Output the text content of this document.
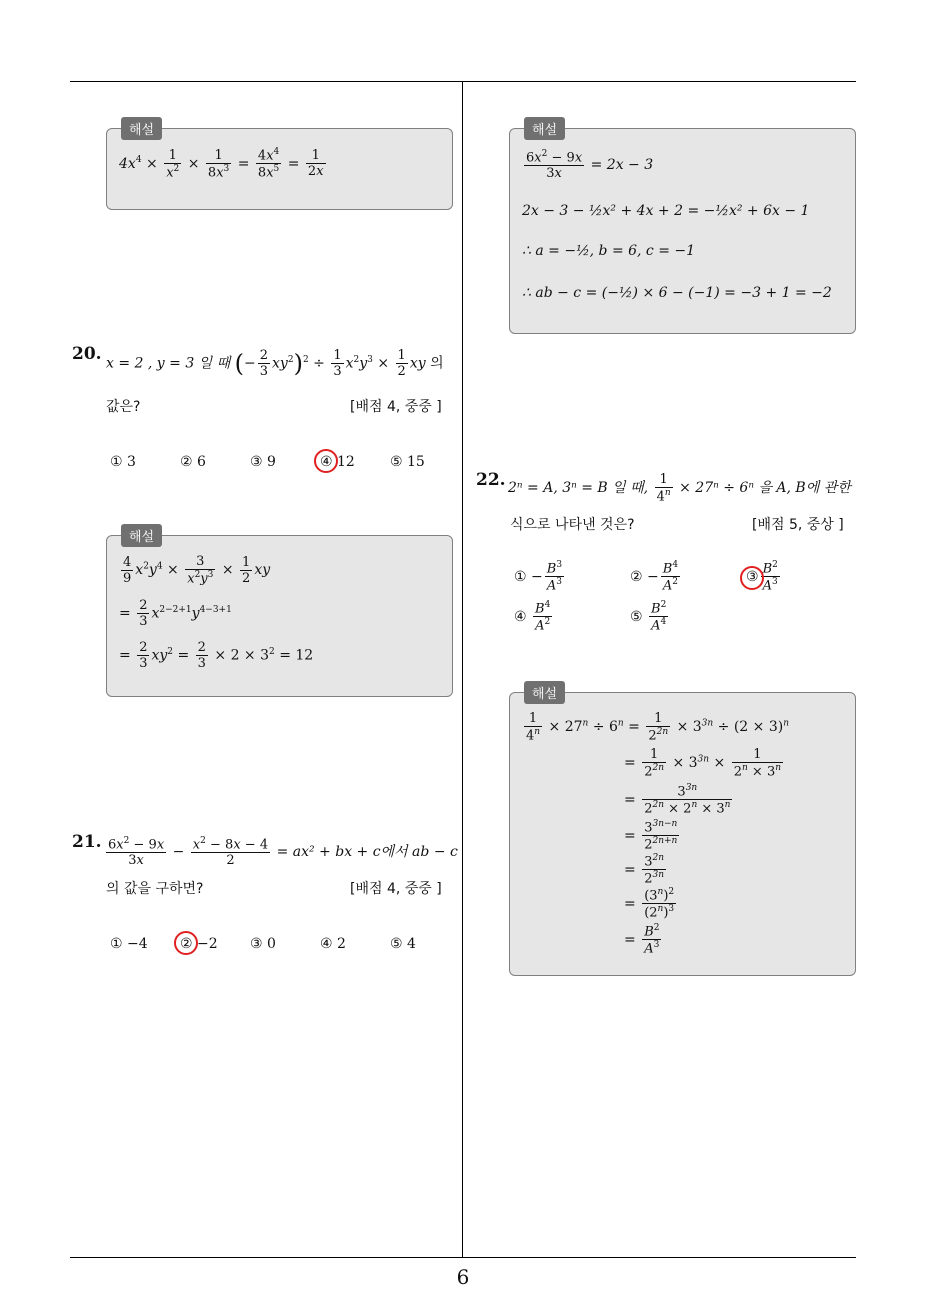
6
해설
$4x^4 \times \frac{1}{x^2} \times \frac{1}{8x^3} = \frac{4x^4}{8x^5} = \frac{1}{2x}$
20. x = 2 , y = 3 일 때 (− $\frac{2}{3} xy^2)^2 \div \frac{1}{3} x^2y^3 \times \frac{1}{2}$ xy 의
값은?	[배점 4, 중중 ]
① 3	② 6	③ 9	④ 12	⑤ 15
해설
$\frac{4}{9} x^2y^4 \times \frac{3}{x^2y^3} \times \frac{1}{2}$ xy
= $\frac{2}{3} x^{2-2+1}y^{4-3+1}$
= $\frac{2}{3} xy^2 = \frac{2}{3} \times 2 \times 3^2 = 12$
21. $\frac{6x^2 - 9x}{3x} - \frac{x^2 - 8x - 4}{2} = ax^2$ + bx + c에서 ab − c
의 값을 구하면?	[배점 4, 중중 ]
① −4 ② −2 ③ 0	④ 2	⑤ 4
해설
$\frac{6x^2 - 9x}{3x} = 2x - 3$
2x − 3 − ½x² + 4x + 2 = −½x² + 6x − 1
∴ a = −½, b = 6, c = −1
∴ ab − c = (−½) × 6 − (−1) = −3 + 1 = −2
22. 2ⁿ = A, 3ⁿ = B 일 때, $\frac{1}{4^n} \times 27^n \div 6^n$ 을 A, B에 관한
식으로 나타낸 것은?	[배점 5, 중상 ]
① − $\frac{B^3}{A^3}$	② − $\frac{B^4}{A^2}$	③ $\frac{B^2}{A^3}$
④ $\frac{B^4}{A^2}$	⑤ $\frac{B^2}{A^4}$
해설
$\frac{1}{4^n} \times 27^n \div 6^n = \frac{1}{2^{2n}} \times 3^{3n} \div (2 \times 3)^n$
= $\frac{1}{2^{2n}} \times 3^{3n} \times \frac{1}{2^n \times 3^n}$
= $\frac{3^{3n}}{2^{2n} \times 2^n \times 3^n}$
= $\frac{3^{3n-n}}{2^{2n+n}}$
= $\frac{3^{2n}}{2^{3n}}$
= $\frac{(3^n)^2}{(2^n)^3}$
= $\frac{B^2}{A^3}$
